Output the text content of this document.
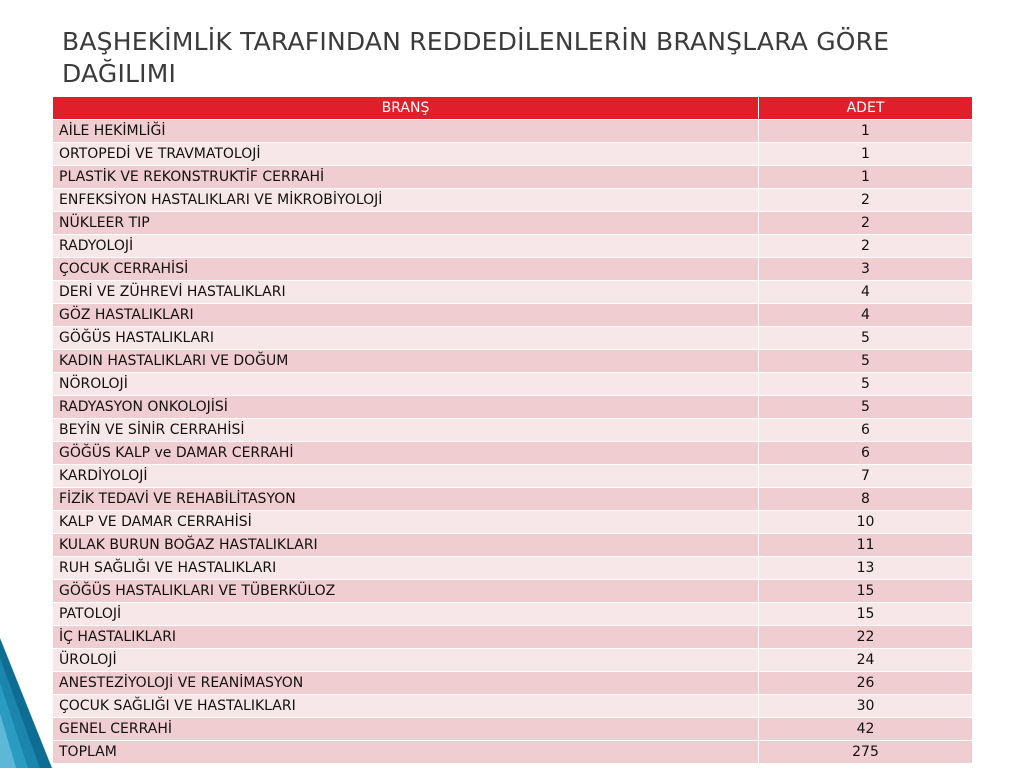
BAŞHEKİMLİK TARAFINDAN REDDEDİLENLERİN BRANŞLARA GÖRE DAĞILIMI
BRANŞ	ADET
AİLE HEKİMLİĞİ	1
ORTOPEDİ VE TRAVMATOLOJİ	1
PLASTİK VE REKONSTRUKTİF CERRAHİ	1
ENFEKSİYON HASTALIKLARI VE MİKROBİYOLOJİ	2
NÜKLEER TIP	2
RADYOLOJİ	2
ÇOCUK CERRAHİSİ	3
DERİ VE ZÜHREVİ HASTALIKLARI	4
GÖZ HASTALIKLARI	4
GÖĞÜS HASTALIKLARI	5
KADIN HASTALIKLARI VE DOĞUM	5
NÖROLOJİ	5
RADYASYON ONKOLOJİSİ	5
BEYİN VE SİNİR CERRAHİSİ	6
GÖĞÜS KALP ve DAMAR CERRAHİ	6
KARDİYOLOJİ	7
FİZİK TEDAVİ VE REHABİLİTASYON	8
KALP VE DAMAR CERRAHİSİ	10
KULAK BURUN BOĞAZ HASTALIKLARI	11
RUH SAĞLIĞI VE HASTALIKLARI	13
GÖĞÜS HASTALIKLARI VE TÜBERKÜLOZ	15
PATOLOJİ	15
İÇ HASTALIKLARI	22
ÜROLOJİ	24
ANESTEZİYOLOJİ VE REANİMASYON	26
ÇOCUK SAĞLIĞI VE HASTALIKLARI	30
GENEL CERRAHİ	42
TOPLAM	275
